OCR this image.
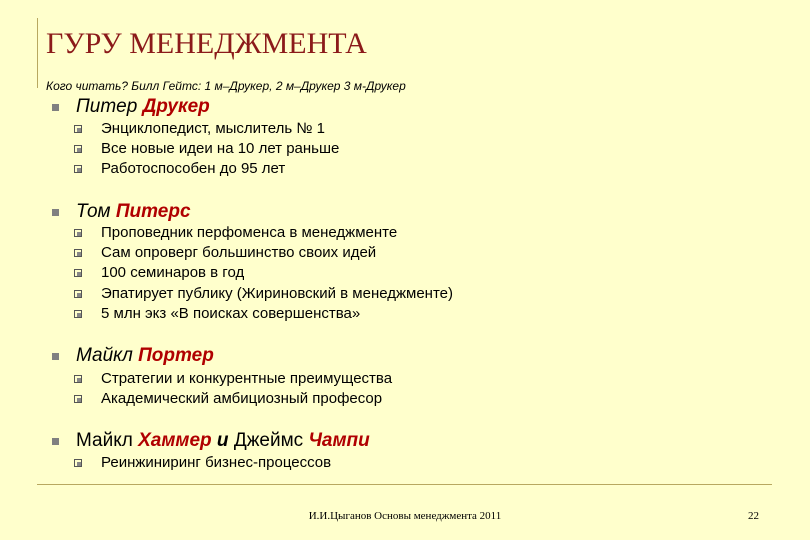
ГУРУ МЕНЕДЖМЕНТА
Кого читать? Билл Гейтс: 1 м–Друкер, 2 м–Друкер 3 м-Друкер
Питер Друкер
Энциклопедист, мыслитель № 1
Все новые идеи на 10 лет раньше
Работоспособен до 95 лет
Том Питерс
Проповедник перфоменса в менеджменте
Сам опроверг большинство своих идей
100 семинаров в год
Эпатирует публику (Жириновский в менеджменте)
5 млн экз «В поисках совершенства»
Майкл Портер
Стратегии и конкурентные преимущества
Академический амбициозный професор
Майкл Хаммер и Джеймс Чампи
Реинжиниринг бизнес-процессов
И.И.Цыганов Основы менеджмента 2011	22
